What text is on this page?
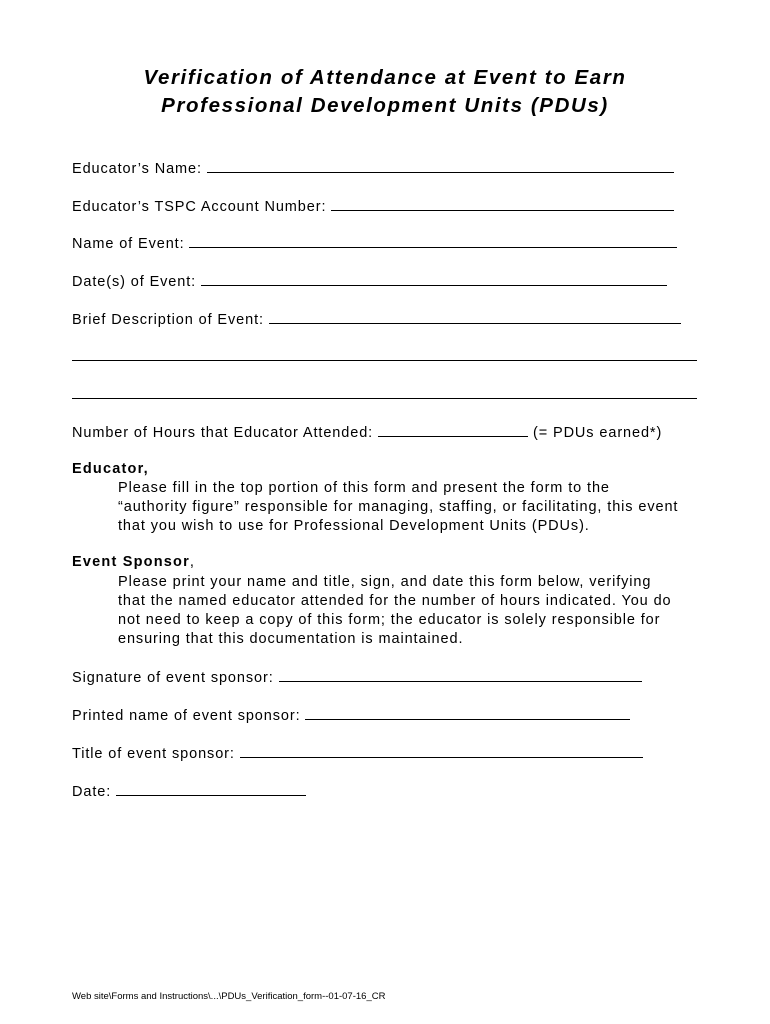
Verification of Attendance at Event to Earn
Professional Development Units (PDUs)
Educator’s Name:
Educator’s TSPC Account Number:
Name of Event:
Date(s) of Event:
Brief Description of Event:
Number of Hours that Educator Attended:	(= PDUs earned*)
Educator,
Please fill in the top portion of this form and present the form to the
“authority figure” responsible for managing, staffing, or facilitating, this event
that you wish to use for Professional Development Units (PDUs).
Event Sponsor,
Please print your name and title, sign, and date this form below, verifying
that the named educator attended for the number of hours indicated. You do
not need to keep a copy of this form; the educator is solely responsible for
ensuring that this documentation is maintained.
Signature of event sponsor:
Printed name of event sponsor:
Title of event sponsor:
Date:
Web site\Forms and Instructions\...\PDUs_Verification_form--01-07-16_CR
